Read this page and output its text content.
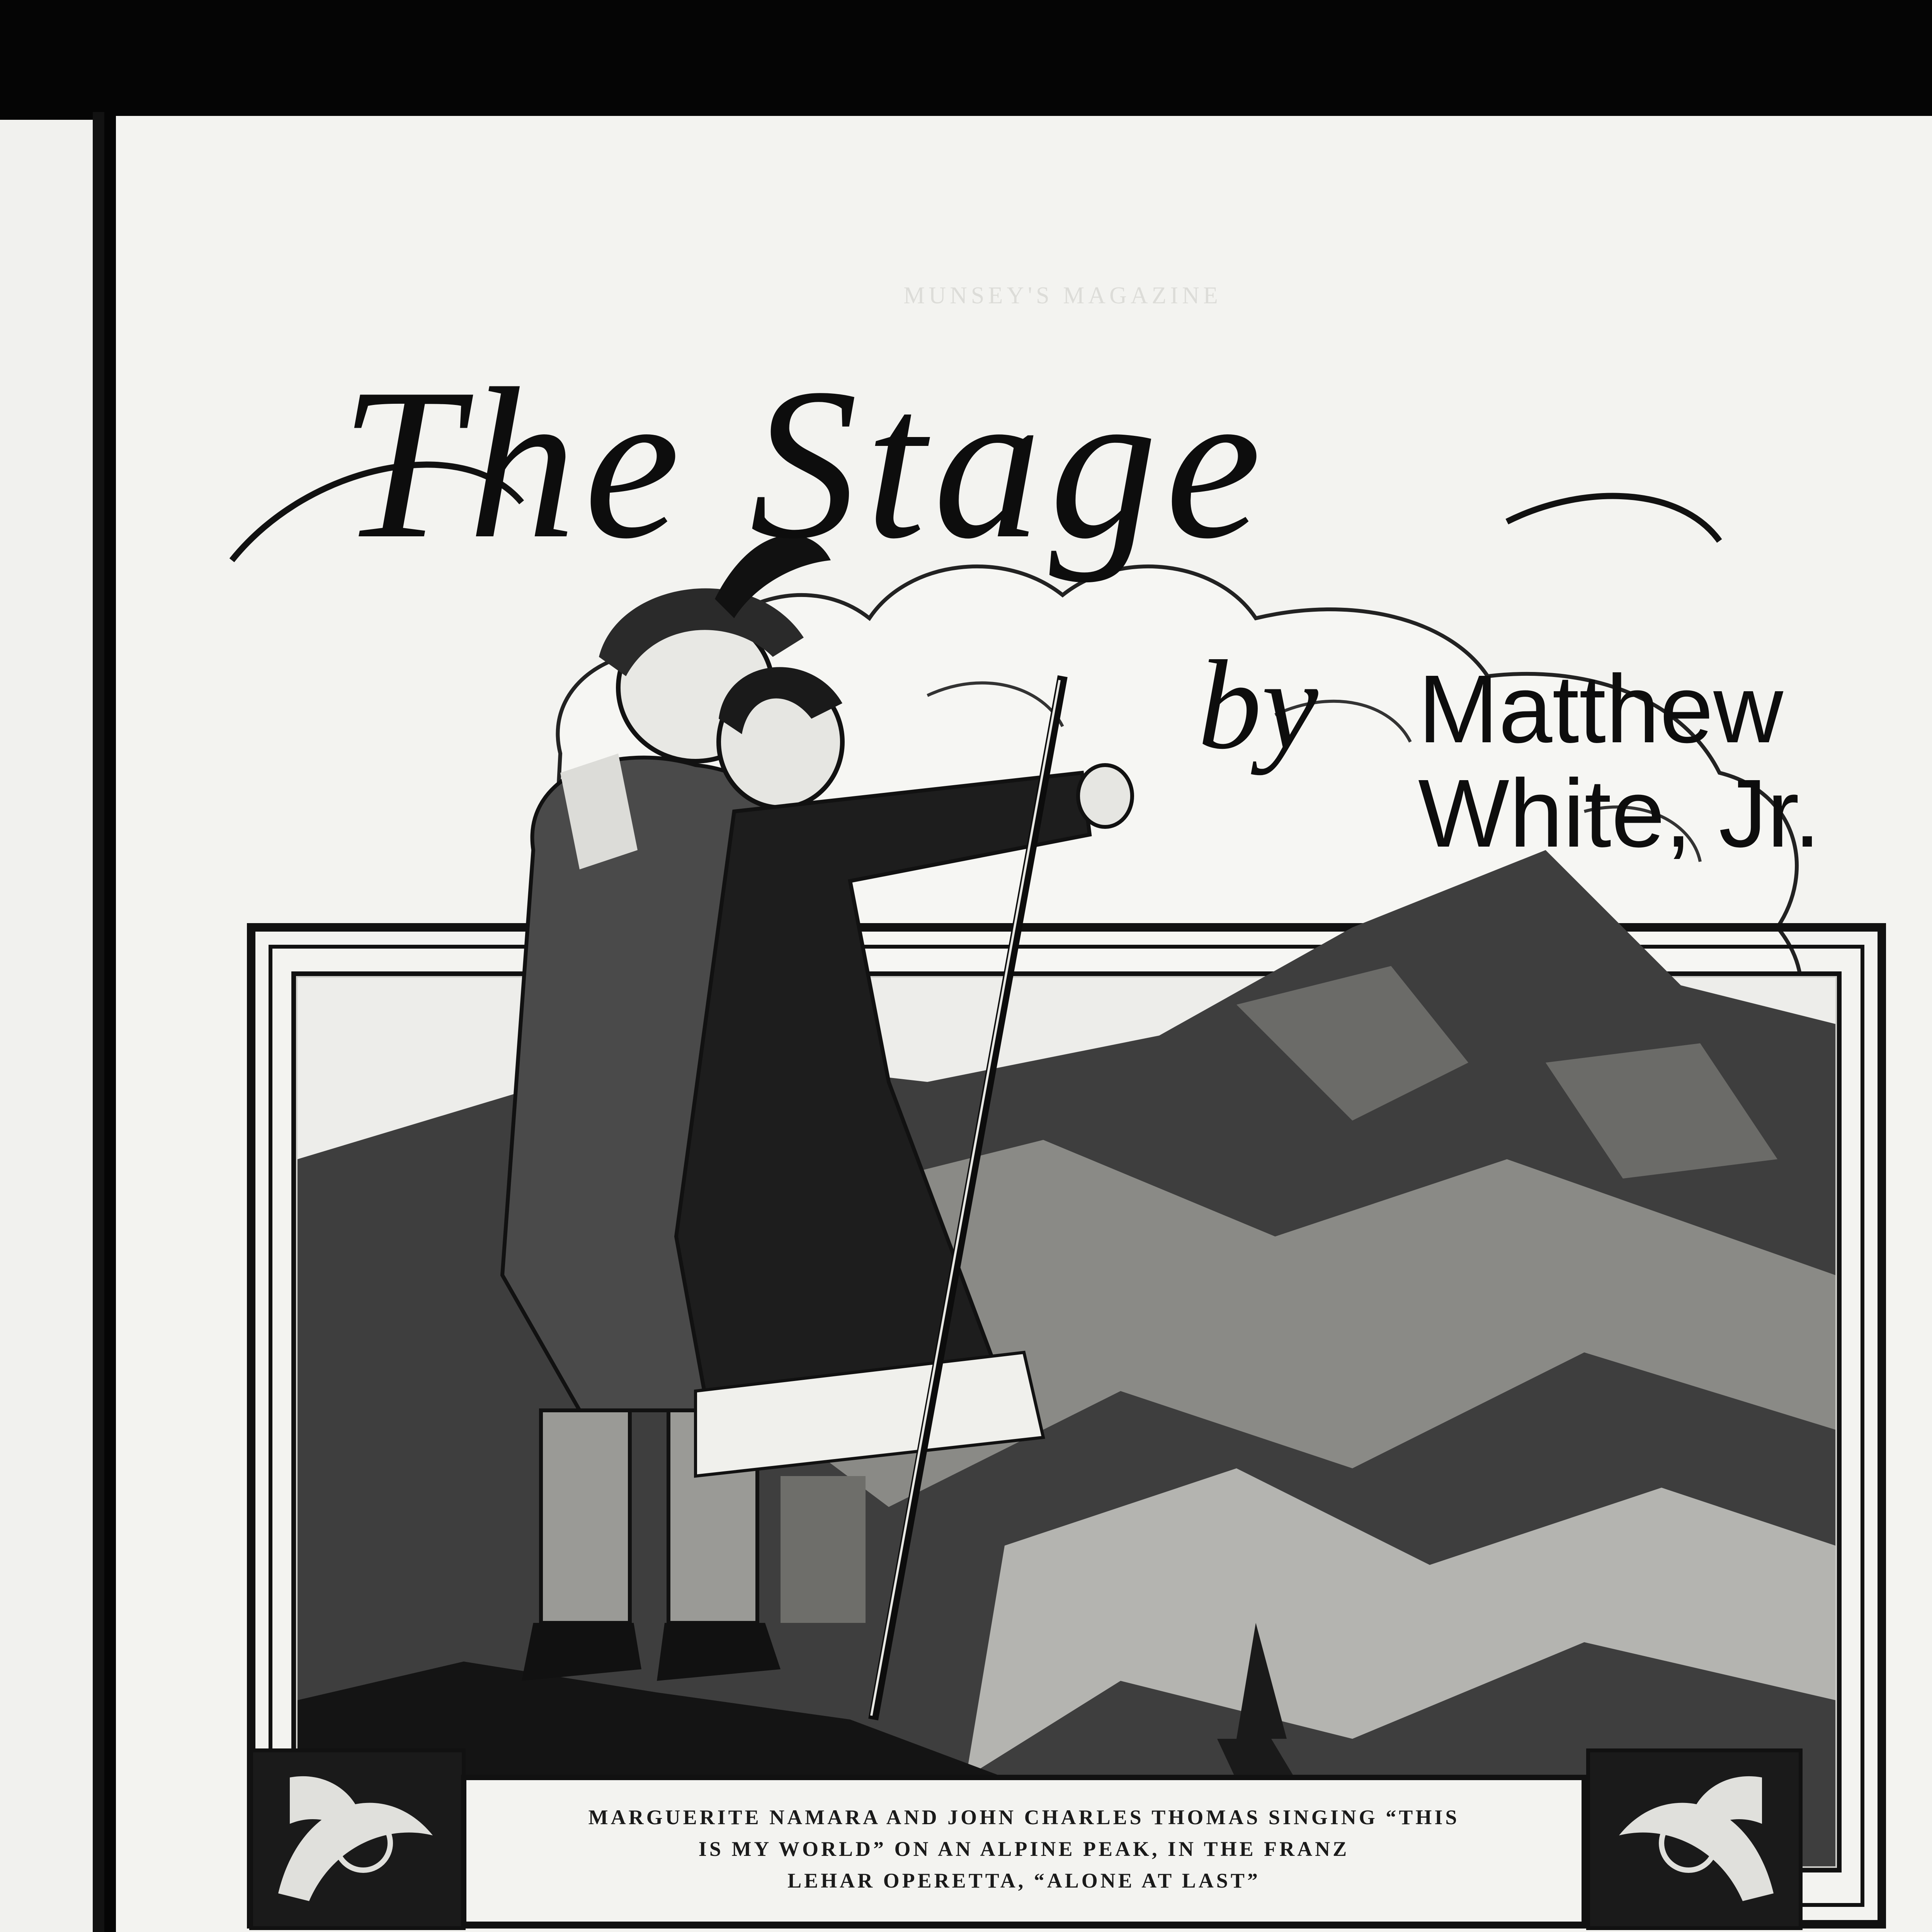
MUNSEY'S MAGAZINE
MARGUERITE NAMARA AND JOHN CHARLES THOMAS SINGING “THIS
IS MY WORLD” ON AN ALPINE PEAK, IN THE FRANZ
LEHAR OPERETTA, “ALONE AT LAST”
The Stage
by Matthew White, Jr.
